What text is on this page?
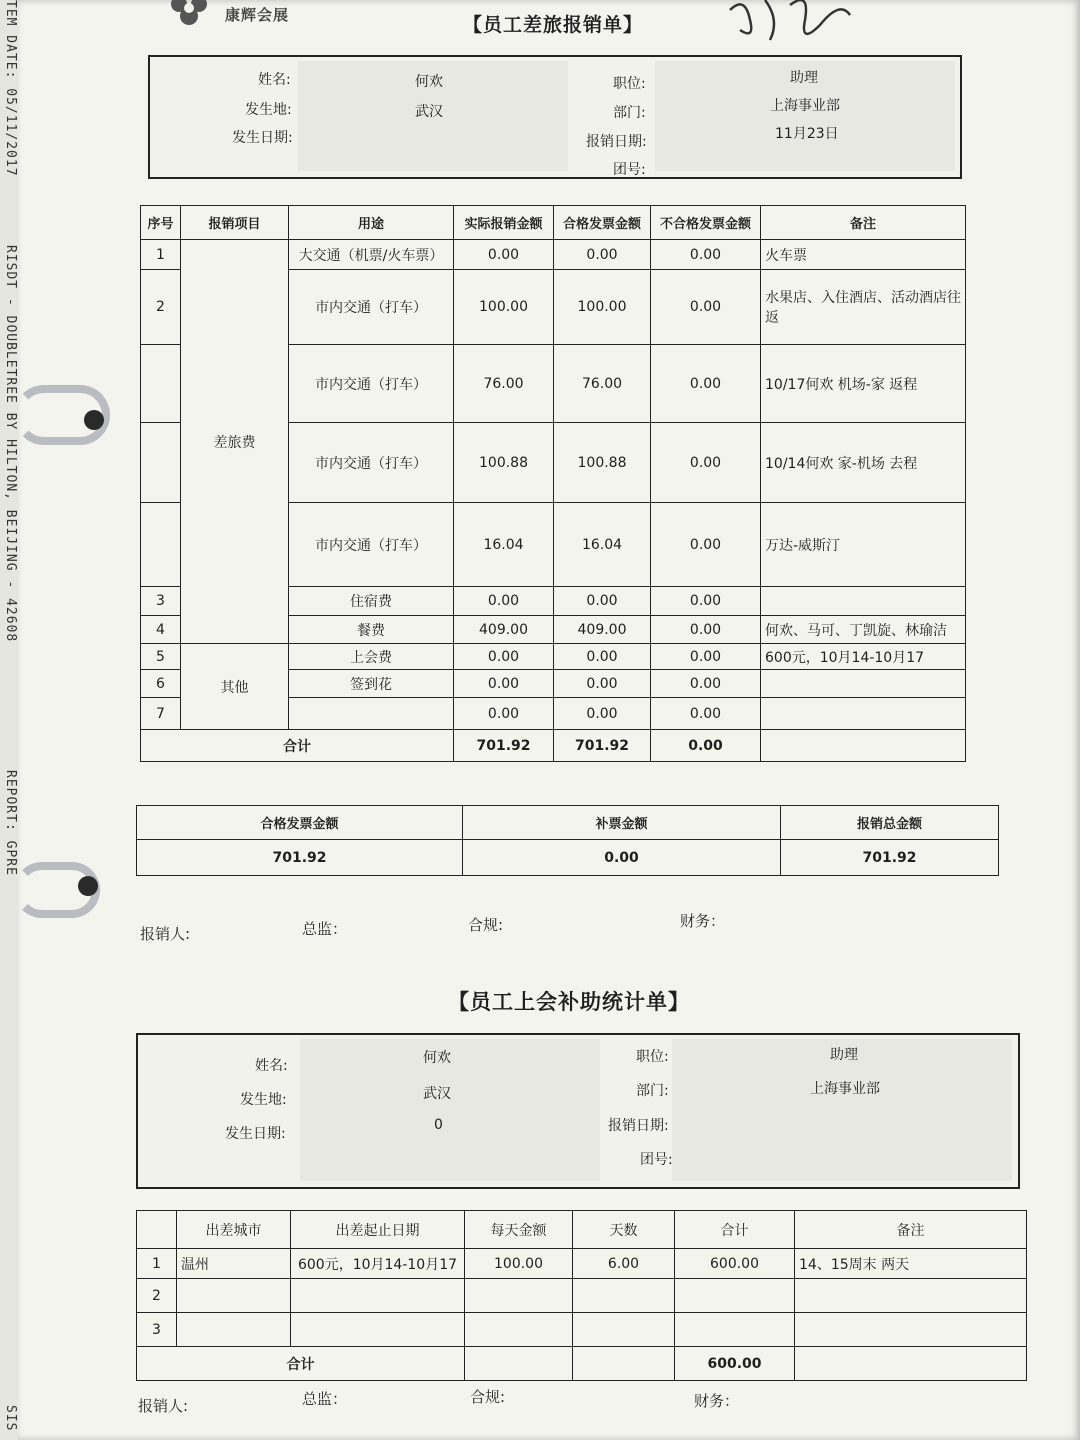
TEM DATE: 05/11/2017
RISDT - DOUBLETREE BY HILTON, BEIJING - 42608
REPORT: GPRE
SIS
康辉会展	【员工差旅报销单】
姓名:	何欢
发生地:	武汉
发生日期:
职位:	助理
部门:	上海事业部
报销日期:	11月23日
团号:
序号	报销项目	用途	实际报销金额	合格发票金额	不合格发票金额	备注
1	差旅费	大交通（机票/火车票）	0.00	0.00	0.00	火车票
2		市内交通（打车）	100.00	100.00	0.00	水果店、入住酒店、活动酒店往返
		市内交通（打车）	76.00	76.00	0.00	10/17何欢 机场-家 返程
		市内交通（打车）	100.88	100.88	0.00	10/14何欢 家-机场 去程
		市内交通（打车）	16.04	16.04	0.00	万达-威斯汀
3		住宿费	0.00	0.00	0.00	
4		餐费	409.00	409.00	0.00	何欢、马可、丁凯旋、林瑜洁
5	其他	上会费	0.00	0.00	0.00	600元，10月14-10月17
6		签到花	0.00	0.00	0.00	
7			0.00	0.00	0.00	
合计			701.92	701.92	0.00	
合格发票金额	补票金额	报销总金额
701.92	0.00	701.92
报销人:	总监：	合规:	财务：
【员工上会补助统计单】
姓名:	何欢
发生地:	武汉
发生日期:
0
职位:	助理
部门:	上海事业部
报销日期:
团号:
	出差城市	出差起止日期	每天金额	天数	合计	备注
1	温州	600元，10月14-10月17	100.00	6.00	600.00	14、15周末 两天
2						
3						
合计					600.00	
报销人:	总监：	合规:	财务：
